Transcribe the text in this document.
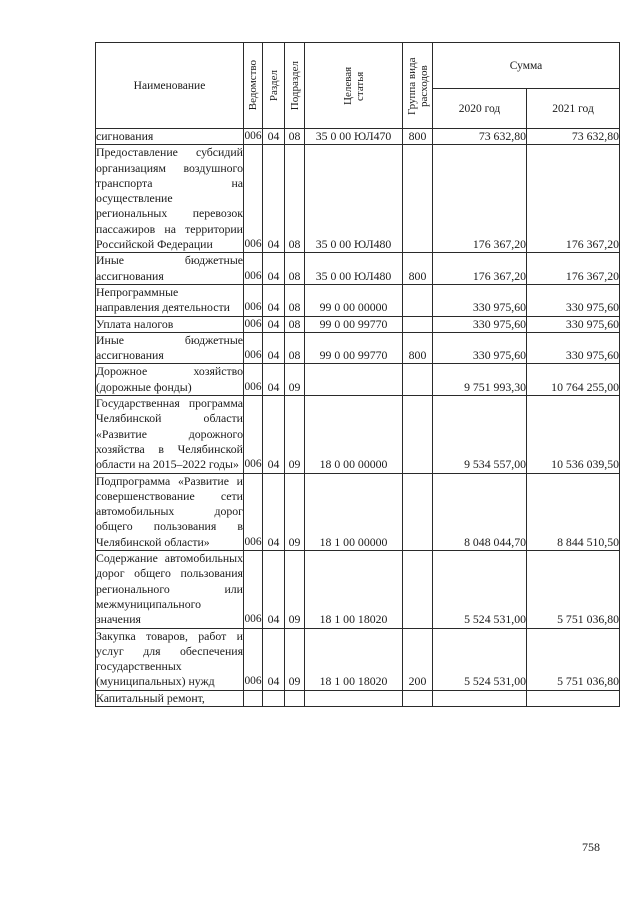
Наименование	Ведомство	Раздел	Подраздел	Целевая статья	Группа вида расходов	Сумма	
						2020 год	2021 год
сигнования	006	04	08	35 0 00 ЮЛ470	800	73 632,80	73 632,80
Предоставление субсидий организациям воздушного транспорта на осуществление региональных перевозок пассажиров на территории Российской Федерации	006	04	08	35 0 00 ЮЛ480		176 367,20	176 367,20
Иные бюджетные ассигнования	006	04	08	35 0 00 ЮЛ480	800	176 367,20	176 367,20
Непрограммные направления деятельности	006	04	08	99 0 00 00000		330 975,60	330 975,60
Уплата налогов	006	04	08	99 0 00 99770		330 975,60	330 975,60
Иные бюджетные ассигнования	006	04	08	99 0 00 99770	800	330 975,60	330 975,60
Дорожное хозяйство (дорожные фонды)	006	04	09			9 751 993,30	10 764 255,00
Государственная программа Челябинской области «Развитие дорожного хозяйства в Челябинской области на 2015–2022 годы»	006	04	09	18 0 00 00000		9 534 557,00	10 536 039,50
Подпрограмма «Развитие и совершенствование сети автомобильных дорог общего пользования в Челябинской области»	006	04	09	18 1 00 00000		8 048 044,70	8 844 510,50
Содержание автомобильных дорог общего пользования регионального или межмуниципального значения	006	04	09	18 1 00 18020		5 524 531,00	5 751 036,80
Закупка товаров, работ и услуг для обеспечения государственных (муниципальных) нужд	006	04	09	18 1 00 18020	200	5 524 531,00	5 751 036,80
Капитальный ремонт,							
758
